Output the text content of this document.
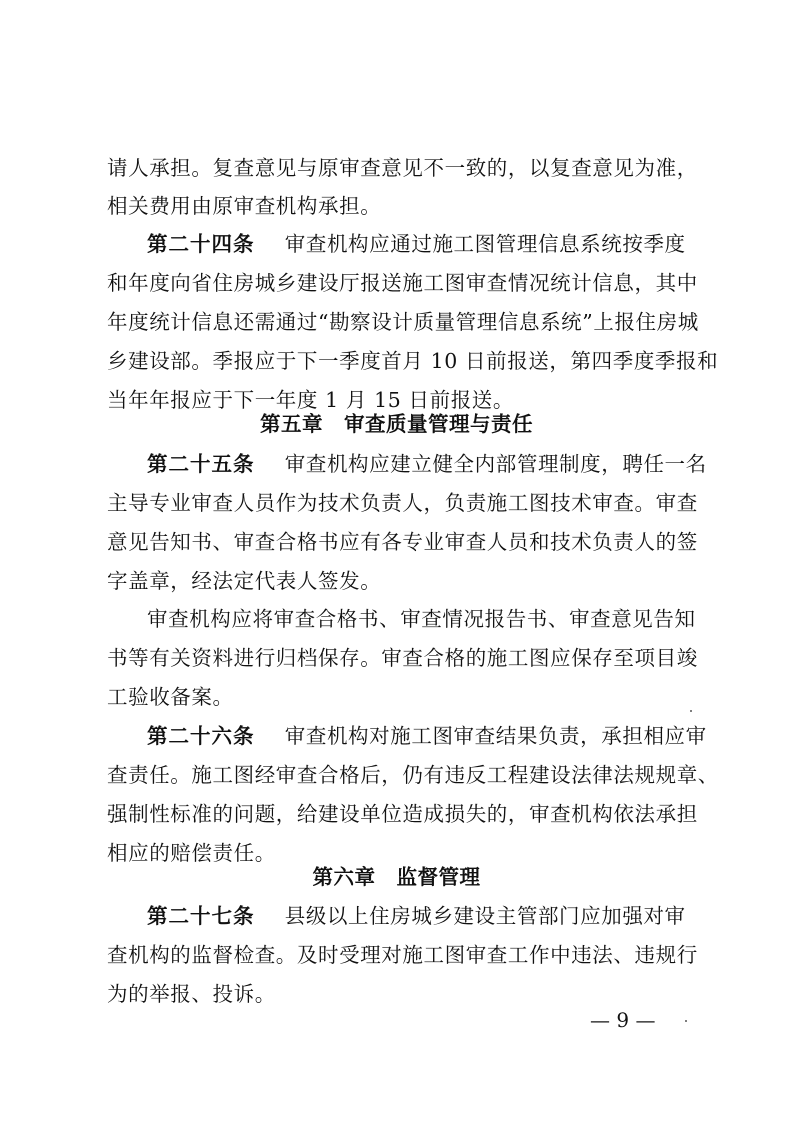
请人承担。复查意见与原审查意见不一致的，以复查意见为准，
相关费用由原审查机构承担。
第二十四条 审查机构应通过施工图管理信息系统按季度
和年度向省住房城乡建设厅报送施工图审查情况统计信息，其中
年度统计信息还需通过“勘察设计质量管理信息系统”上报住房城
乡建设部。季报应于下一季度首月 10 日前报送，第四季度季报和
当年年报应于下一年度 1 月 15 日前报送。
第五章　审查质量管理与责任
第二十五条 审查机构应建立健全内部管理制度，聘任一名
主导专业审查人员作为技术负责人，负责施工图技术审查。审查
意见告知书、审查合格书应有各专业审查人员和技术负责人的签
字盖章，经法定代表人签发。
审查机构应将审查合格书、审查情况报告书、审查意见告知
书等有关资料进行归档保存。审查合格的施工图应保存至项目竣
工验收备案。
第二十六条 审查机构对施工图审查结果负责，承担相应审
查责任。施工图经审查合格后，仍有违反工程建设法律法规规章、
强制性标准的问题，给建设单位造成损失的，审查机构依法承担
相应的赔偿责任。
第六章　监督管理
第二十七条 县级以上住房城乡建设主管部门应加强对审
查机构的监督检查。及时受理对施工图审查工作中违法、违规行
为的举报、投诉。
— 9 —
